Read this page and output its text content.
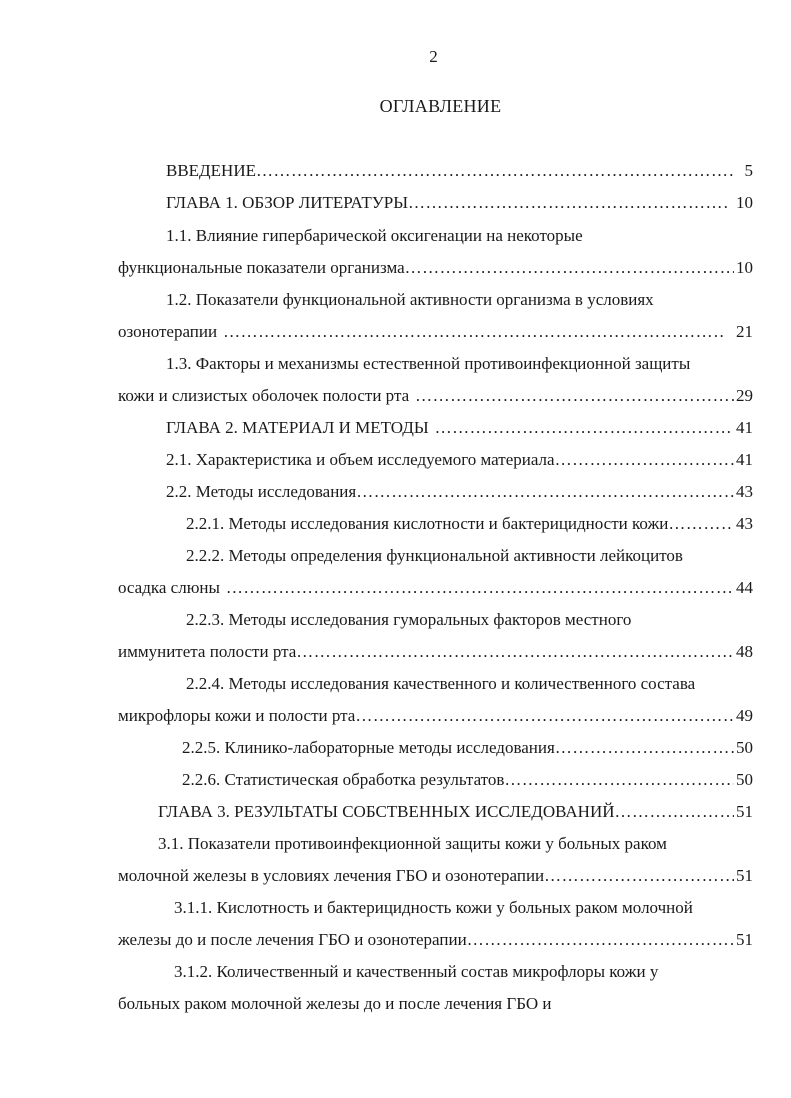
2
ОГЛАВЛЕНИЕ
ВВЕДЕНИЕ ……………………………………………………………………………………………………………………………………………………………………………………………………………………………………	5
ГЛАВА 1. ОБЗОР ЛИТЕРАТУРЫ ……………………………………………………………………………………………………………………………………………………………………………………………………………………………………	10
1.1. Влияние гипербарической оксигенации на некоторые
функциональные показатели организма ……………………………………………………………………………………………………………………………………………………………………………………………………………………………………	10
1.2. Показатели функциональной активности организма в условиях
озонотерапии ……………………………………………………………………………………………………………………………………………………………………………………………………………………………………	21
1.3. Факторы и механизмы естественной противоинфекционной защиты
кожи и слизистых оболочек полости рта ……………………………………………………………………………………………………………………………………………………………………………………………………………………………………	29
ГЛАВА 2. МАТЕРИАЛ И МЕТОДЫ ……………………………………………………………………………………………………………………………………………………………………………………………………………………………………	41
2.1. Характеристика и объем исследуемого материала ……………………………………………………………………………………………………………………………………………………………………………………………………………………………………	41
2.2. Методы исследования ……………………………………………………………………………………………………………………………………………………………………………………………………………………………………	43
2.2.1. Методы исследования кислотности и бактерицидности кожи ……………………………………………………………………………………………………………………………………………………………………………………………………………………………………	43
2.2.2. Методы определения функциональной активности лейкоцитов
осадка слюны ……………………………………………………………………………………………………………………………………………………………………………………………………………………………………	44
2.2.3. Методы исследования гуморальных факторов местного
иммунитета полости рта ……………………………………………………………………………………………………………………………………………………………………………………………………………………………………	48
2.2.4. Методы исследования качественного и количественного состава
микрофлоры кожи и полости рта ……………………………………………………………………………………………………………………………………………………………………………………………………………………………………	49
2.2.5. Клинико-лабораторные методы исследования ……………………………………………………………………………………………………………………………………………………………………………………………………………………………………	50
2.2.6. Статистическая обработка результатов ……………………………………………………………………………………………………………………………………………………………………………………………………………………………………	50
ГЛАВА 3. РЕЗУЛЬТАТЫ СОБСТВЕННЫХ ИССЛЕДОВАНИЙ ……………………………………………………………………………………………………………………………………………………………………………………………………………………………………	51
3.1. Показатели противоинфекционной защиты кожи у больных раком
молочной железы в условиях лечения ГБО и озонотерапии ……………………………………………………………………………………………………………………………………………………………………………………………………………………………………	51
3.1.1. Кислотность и бактерицидность кожи у больных раком молочной
железы до и после лечения ГБО и озонотерапии ……………………………………………………………………………………………………………………………………………………………………………………………………………………………………	51
3.1.2. Количественный и качественный состав микрофлоры кожи у
больных раком молочной железы до и после лечения ГБО и
